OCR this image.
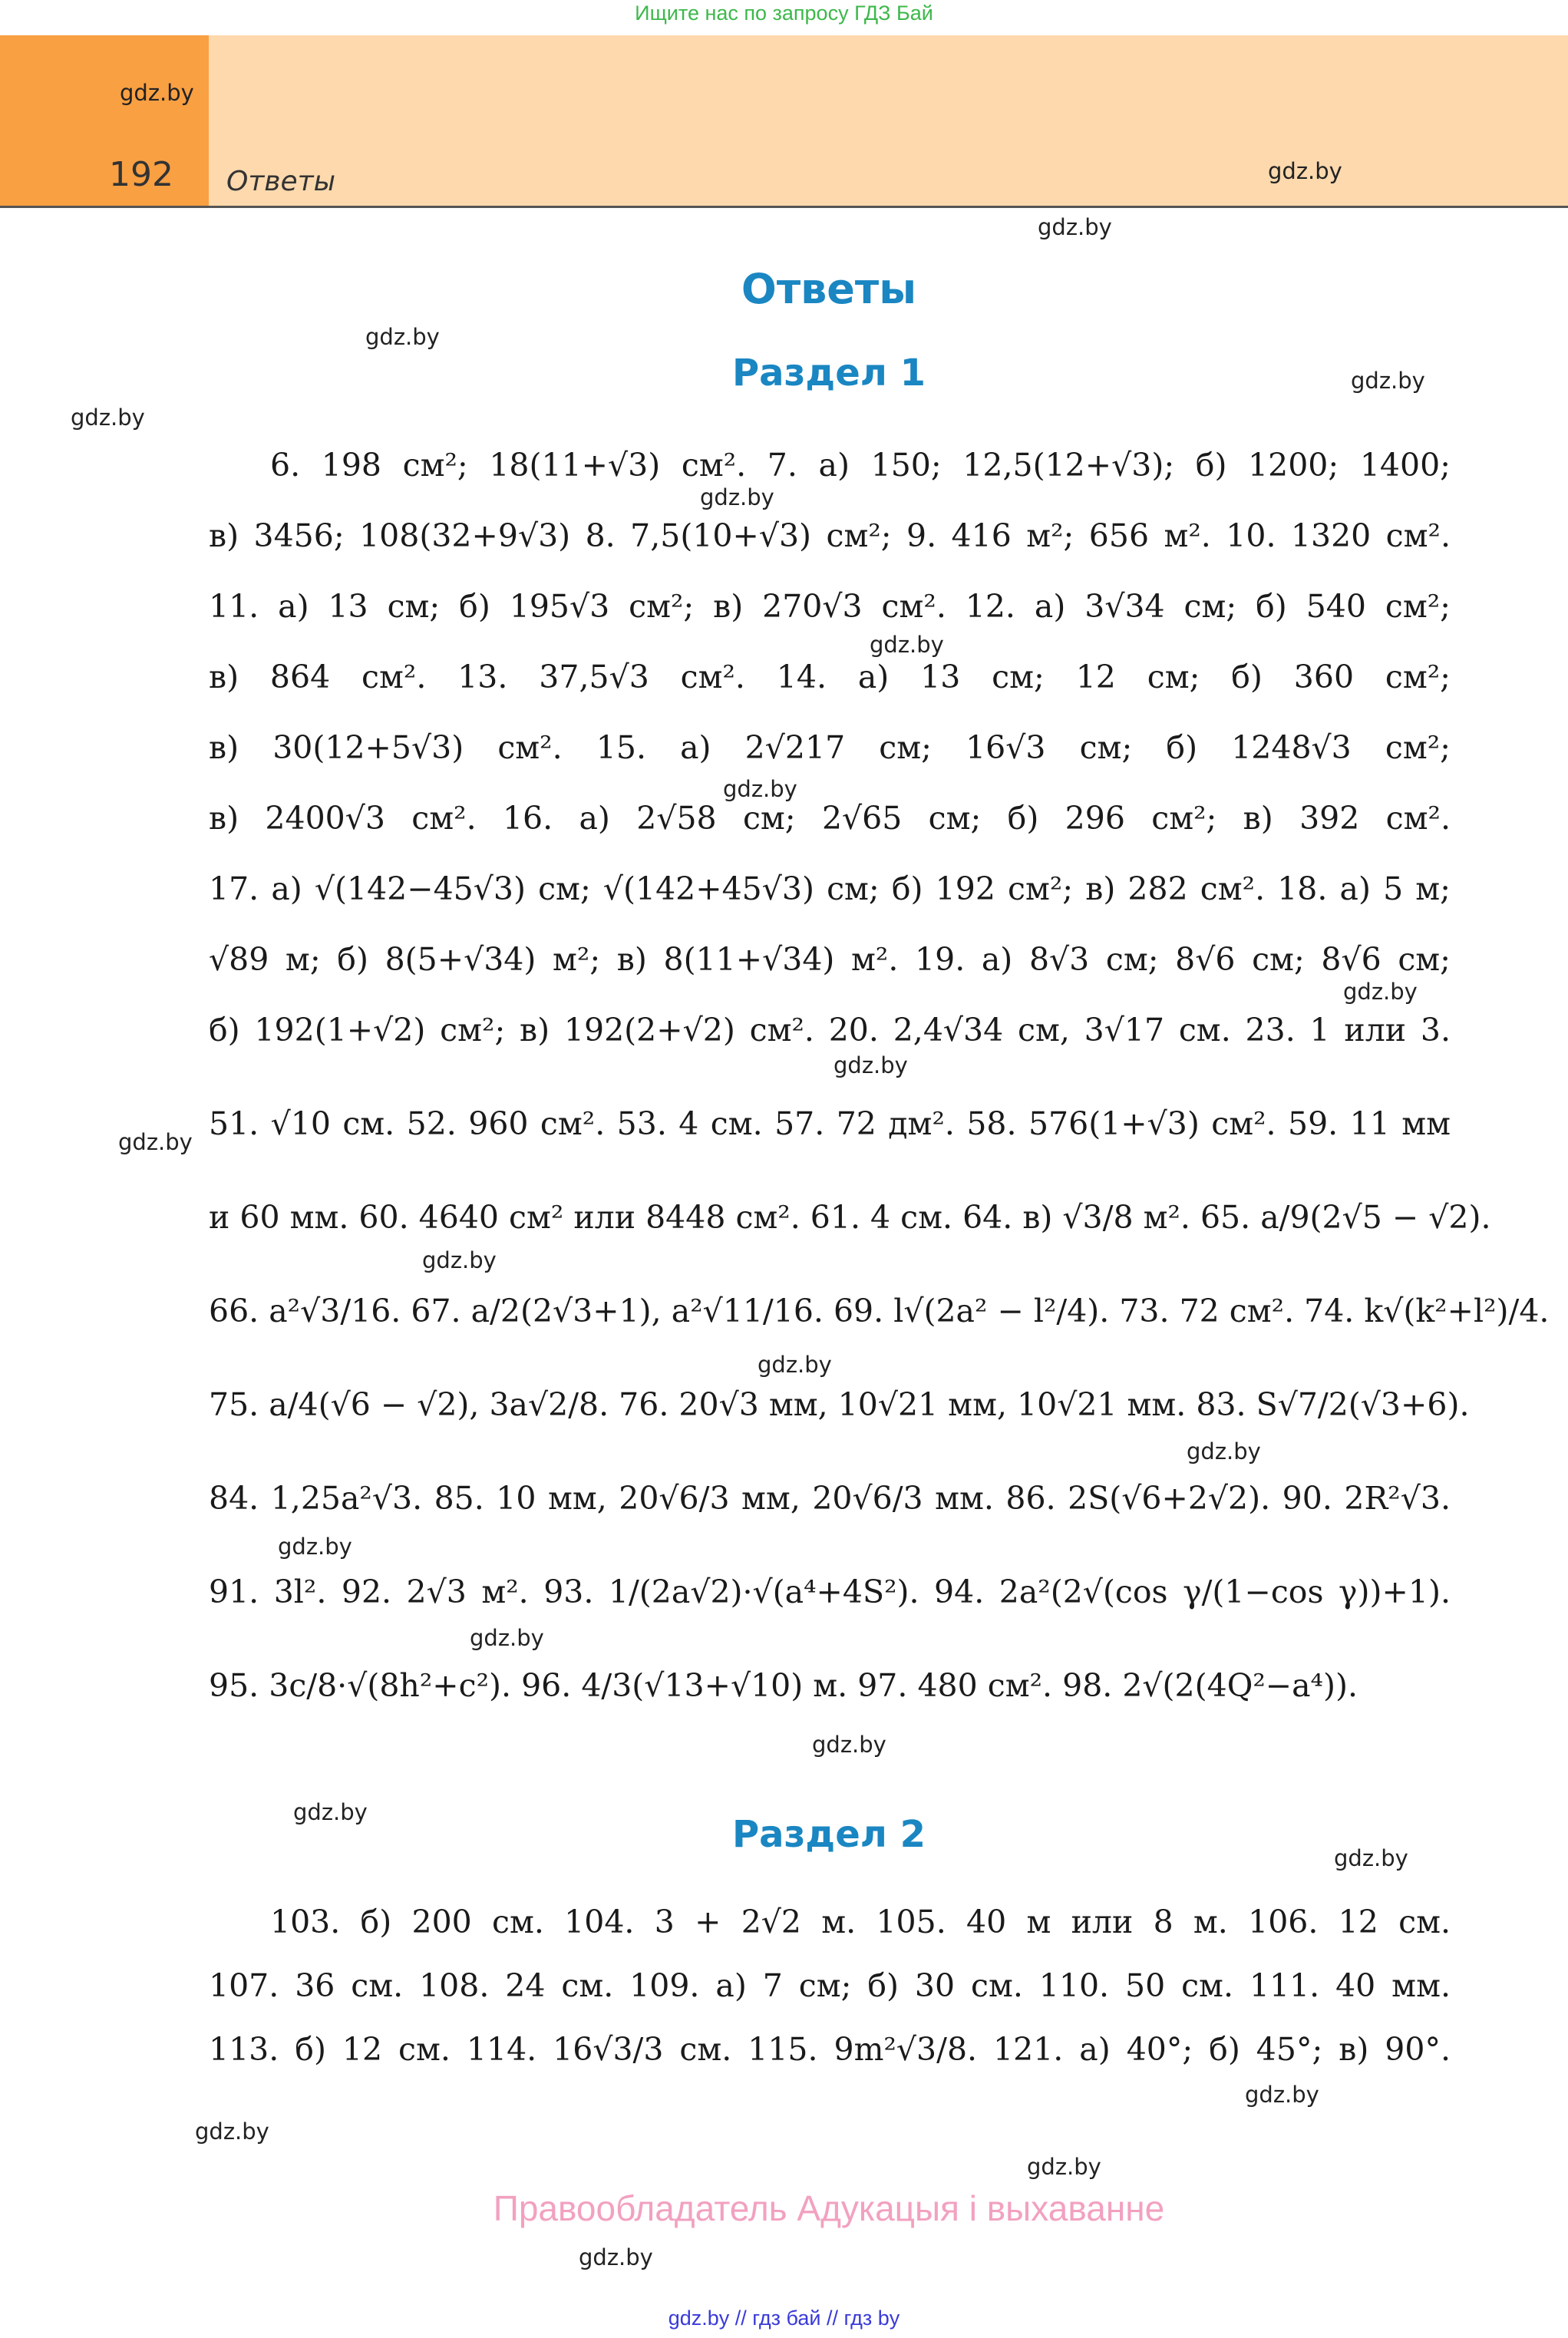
Ищите нас по запросу ГДЗ Бай
192 Ответы
gdz.by
gdz.by
gdz.by
gdz.by
gdz.by
gdz.by
gdz.by
gdz.by
gdz.by
gdz.by
gdz.by
gdz.by
gdz.by
gdz.by
gdz.by
gdz.by
gdz.by
gdz.by
gdz.by
gdz.by
gdz.by
gdz.by
gdz.by
gdz.by
Ответы
Раздел 1
6. 198 см²; 18(11+√3) см². 7. а) 150; 12,5(12+√3); б) 1200; 1400;
в) 3456; 108(32+9√3) 8. 7,5(10+√3) см²; 9. 416 м²; 656 м². 10. 1320 см².
11. а) 13 см; б) 195√3 см²; в) 270√3 см². 12. а) 3√34 см; б) 540 см²;
в) 864 см². 13. 37,5√3 см². 14. а) 13 см; 12 см; б) 360 см²;
в) 30(12+5√3) см². 15. а) 2√217 см; 16√3 см; б) 1248√3 см²;
в) 2400√3 см². 16. а) 2√58 см; 2√65 см; б) 296 см²; в) 392 см².
17. а) √(142−45√3) см; √(142+45√3) см; б) 192 см²; в) 282 см². 18. а) 5 м;
√89 м; б) 8(5+√34) м²; в) 8(11+√34) м². 19. а) 8√3 см; 8√6 см; 8√6 см;
б) 192(1+√2) см²; в) 192(2+√2) см². 20. 2,4√34 см, 3√17 см. 23. 1 или 3.
51. √10 см. 52. 960 см². 53. 4 см. 57. 72 дм². 58. 576(1+√3) см². 59. 11 мм
и 60 мм. 60. 4640 см² или 8448 см². 61. 4 см. 64. в) √3/8 м². 65. a/9(2√5 − √2).
66. a²√3/16. 67. a/2(2√3+1), a²√11/16. 69. l√(2a² − l²/4). 73. 72 см². 74. k√(k²+l²)/4.
75. a/4(√6 − √2), 3a√2/8. 76. 20√3 мм, 10√21 мм, 10√21 мм. 83. S√7/2(√3+6).
84. 1,25a²√3. 85. 10 мм, 20√6/3 мм, 20√6/3 мм. 86. 2S(√6+2√2). 90. 2R²√3.
91. 3l². 92. 2√3 м². 93. 1/(2a√2)·√(a⁴+4S²). 94. 2a²(2√(cos γ/(1−cos γ))+1).
95. 3c/8·√(8h²+c²). 96. 4/3(√13+√10) м. 97. 480 см². 98. 2√(2(4Q²−a⁴)).
Раздел 2
103. б) 200 см. 104. 3 + 2√2 м. 105. 40 м или 8 м. 106. 12 см.
107. 36 см. 108. 24 см. 109. а) 7 см; б) 30 см. 110. 50 см. 111. 40 мм.
113. б) 12 см. 114. 16√3/3 см. 115. 9m²√3/8. 121. а) 40°; б) 45°; в) 90°.
Правообладатель Адукацыя і выхаванне
gdz.by // гдз бай // гдз by
